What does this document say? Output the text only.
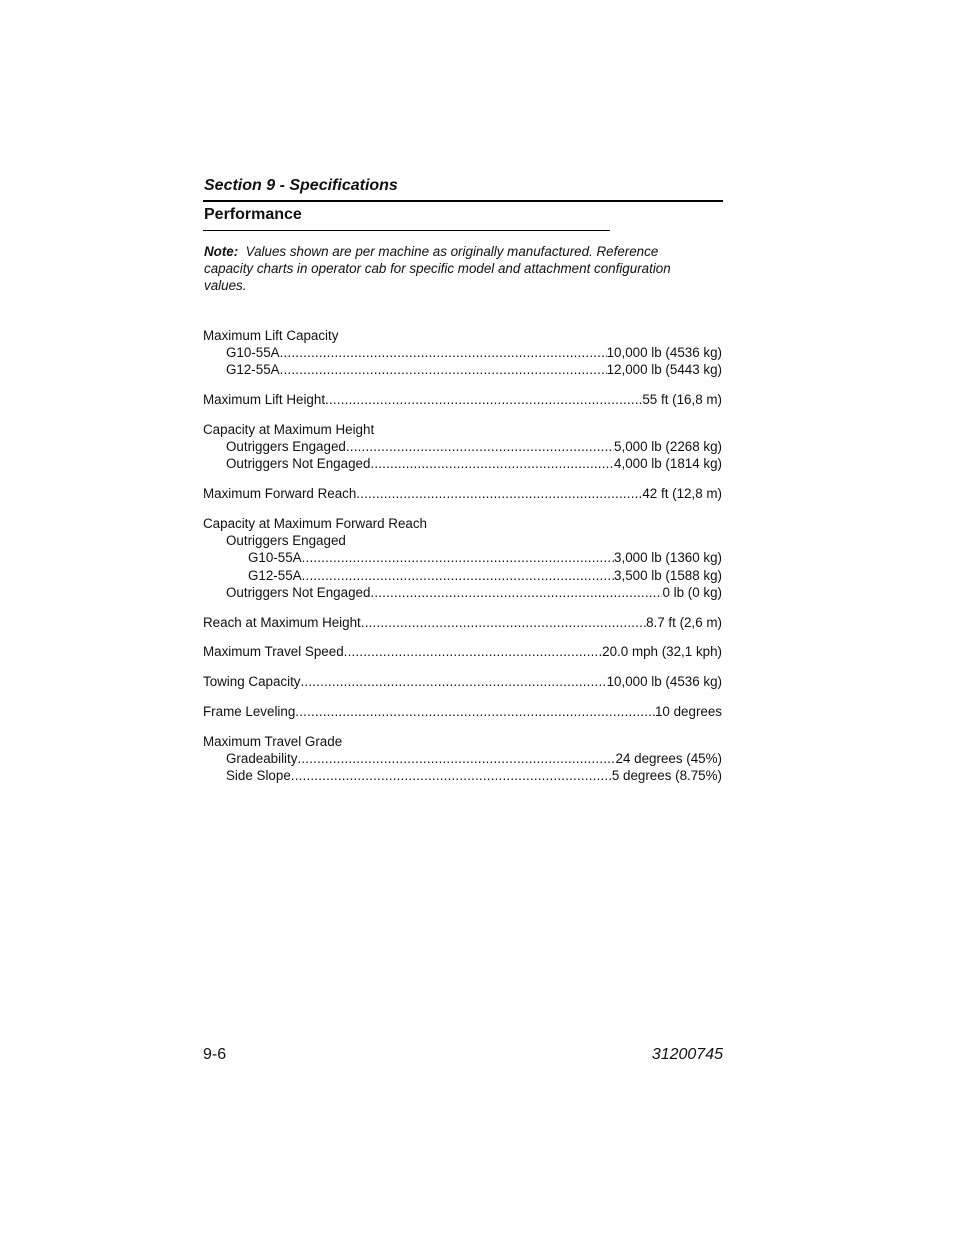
Section 9 - Specifications
Performance

Note: Values shown are per machine as originally manufactured. Reference capacity charts in operator cab for specific model and attachment configuration values.

Maximum Lift Capacity
G10-55A .....	10,000 lb (4536 kg)
G12-55A .....	12,000 lb (5443 kg)
Maximum Lift Height .....	55 ft (16,8 m)
Capacity at Maximum Height
Outriggers Engaged .....	5,000 lb (2268 kg)
Outriggers Not Engaged .....	4,000 lb (1814 kg)
Maximum Forward Reach .....	42 ft (12,8 m)
Capacity at Maximum Forward Reach
Outriggers Engaged
G10-55A .....	3,000 lb (1360 kg)
G12-55A .....	3,500 lb (1588 kg)
Outriggers Not Engaged .....	0 lb (0 kg)
Reach at Maximum Height .....	8.7 ft (2,6 m)
Maximum Travel Speed .....	20.0 mph (32,1 kph)
Towing Capacity .....	10,000 lb (4536 kg)
Frame Leveling .....	10 degrees
Maximum Travel Grade
Gradeability .....	24 degrees (45%)
Side Slope .....	5 degrees (8.75%)
9-6	31200745
